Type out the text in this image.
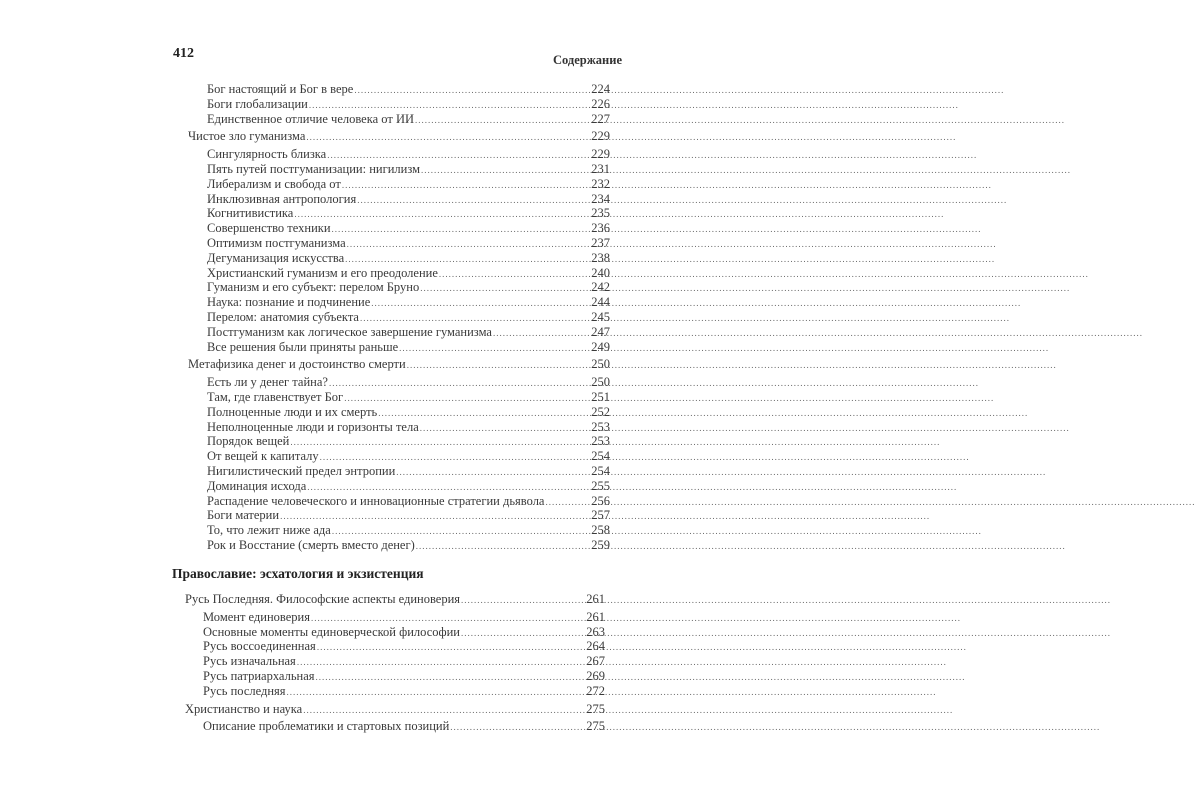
412	Содержание
Бог настоящий и Бог в вере .....	224
Боги глобализации .....	226
Единственное отличие человека от ИИ .....	227
Чистое зло гуманизма .....	229
Сингулярность близка .....	229
Пять путей постгуманизации: нигилизм .....	231
Либерализм и свобода от .....	232
Инклюзивная антропология .....	234
Когнитивистика .....	235
Совершенство техники .....	236
Оптимизм постгуманизма .....	237
Дегуманизация искусства .....	238
Христианский гуманизм и его преодоление .....	240
Гуманизм и его субъект: перелом Бруно .....	242
Наука: познание и подчинение .....	244
Перелом: анатомия субъекта .....	245
Постгуманизм как логическое завершение гуманизма .....	247
Все решения были приняты раньше .....	249
Метафизика денег и достоинство смерти .....	250
Есть ли у денег тайна? .....	250
Там, где главенствует Бог .....	251
Полноценные люди и их смерть .....	252
Неполноценные люди и горизонты тела .....	253
Порядок вещей .....	253
От вещей к капиталу .....	254
Нигилистический предел энтропии .....	254
Доминация исхода .....	255
Распадение человеческого и инновационные стратегии дьявола .....	256
Боги материи .....	257
То, что лежит ниже ада .....	258
Рок и Восстание (смерть вместо денег) .....	259
Православие: эсхатология и экзистенция
Русь Последняя. Философские аспекты единоверия .....	261
Момент единоверия .....	261
Основные моменты единоверческой философии .....	263
Русь воссоединенная .....	264
Русь изначальная .....	267
Русь патриархальная .....	269
Русь последняя .....	272
Христианство и наука .....	275
Описание проблематики и стартовых позиций .....	275
